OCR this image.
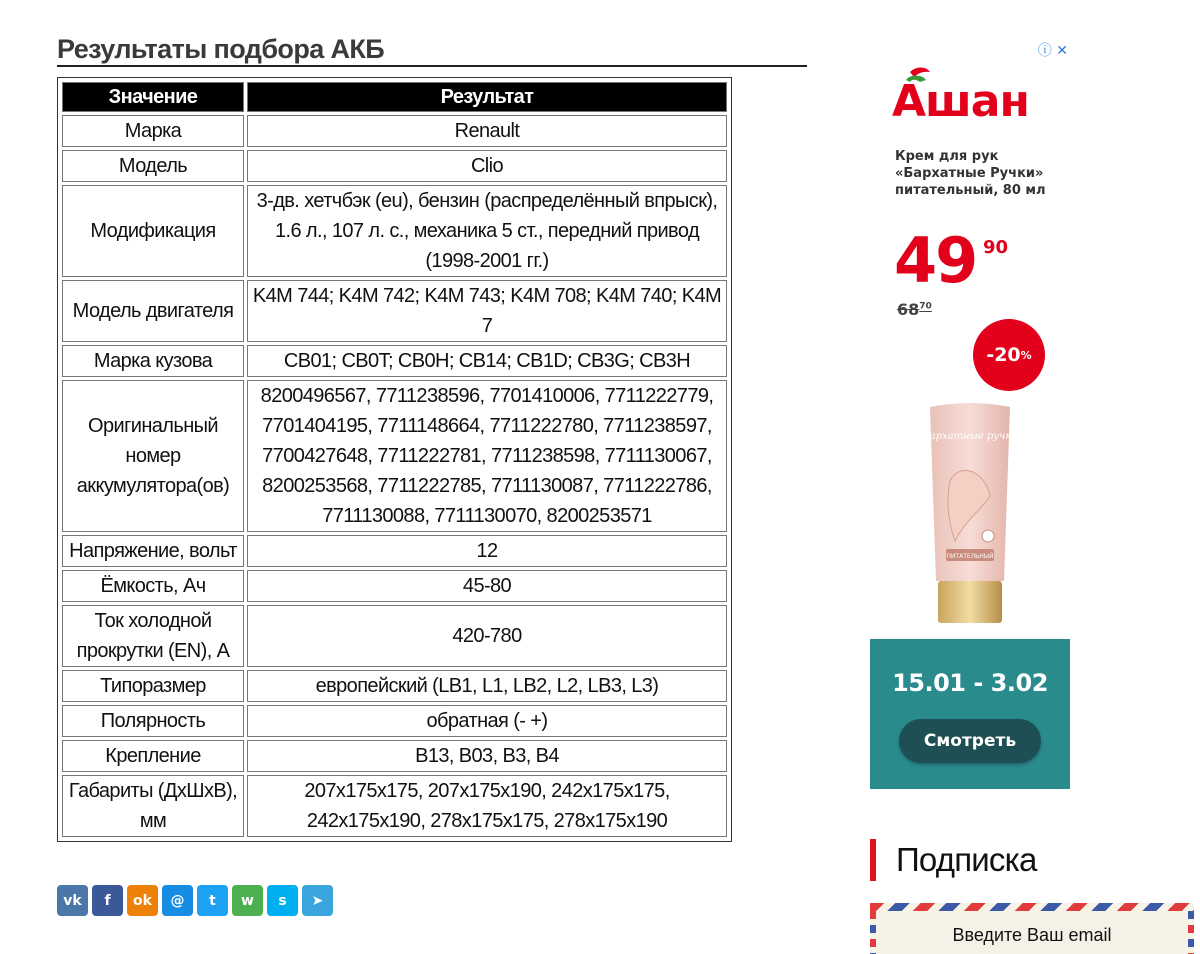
Результаты подбора АКБ
Значение	Результат
Марка	Renault
Модель	Clio
Модификация	3-дв. хетчбэк (eu), бензин (распределённый впрыск), 1.6 л., 107 л. с., механика 5 ст., передний привод (1998-2001 гг.)
Модель двигателя	K4M 744; K4M 742; K4M 743; K4M 708; K4M 740; K4M 7
Марка кузова	CB01; CB0T; CB0H; CB14; CB1D; CB3G; CB3H
Оригинальный номер аккумулятора(ов)	8200496567, 7711238596, 7701410006, 7711222779, 7701404195, 7711148664, 7711222780, 7711238597, 7700427648, 7711222781, 7711238598, 7711130067, 8200253568, 7711222785, 7711130087, 7711222786, 7711130088, 7711130070, 8200253571
Напряжение, вольт	12
Ёмкость, Ач	45-80
Ток холодной прокрутки (EN), А	420-780
Типоразмер	европейский (LB1, L1, LB2, L2, LB3, L3)
Полярность	обратная (- +)
Крепление	B13, B03, B3, B4
Габариты (ДхШхВ), мм	207x175x175, 207x175x190, 242x175x175, 242x175x190, 278x175x175, 278x175x190
vk	f	ok	@	t	w	s	➤
ⓘ ✕
Ашан
Крем для рук «Бархатные Ручки» питательный, 80 мл
49 90
$68^{70}$
-20 %
Бархатные ручки
ПИТАТЕЛЬНЫЙ
15.01 - 3.02
Смотреть
Подписка
Введите Ваш email
